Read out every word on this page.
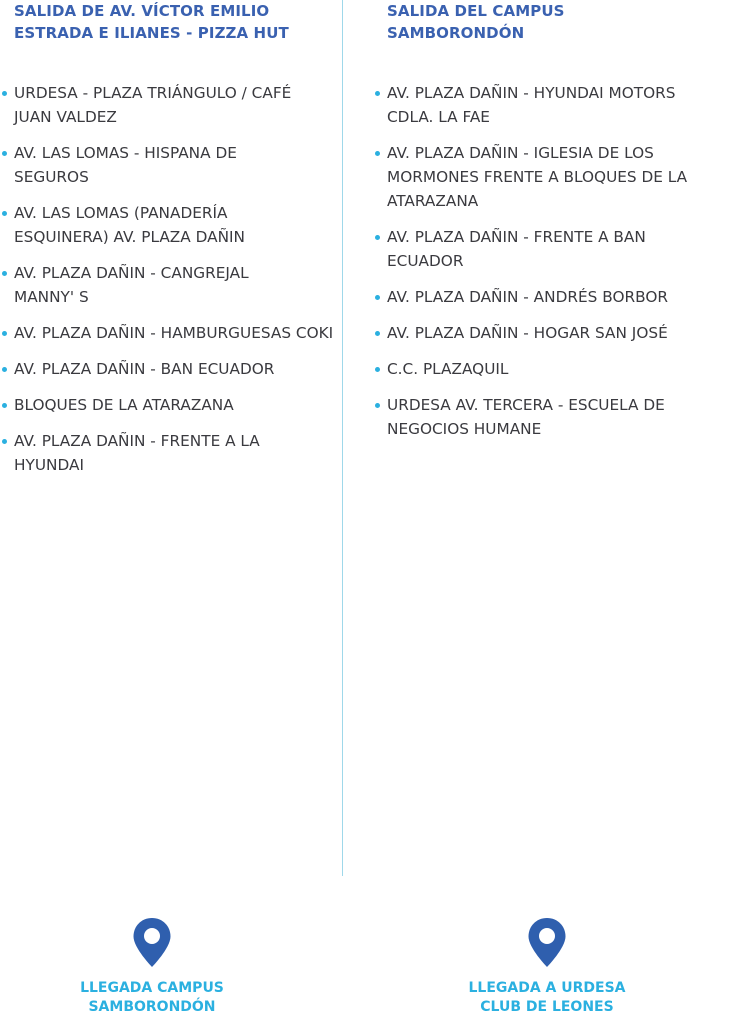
SALIDA DE AV. VÍCTOR EMILIO
ESTRADA E ILIANES - PIZZA HUT
URDESA - PLAZA TRIÁNGULO / CAFÉ JUAN VALDEZ
AV. LAS LOMAS - HISPANA DE SEGUROS
AV. LAS LOMAS (PANADERÍA ESQUINERA) AV. PLAZA DAÑIN
AV. PLAZA DAÑIN - CANGREJAL MANNY' S
AV. PLAZA DAÑIN - HAMBURGUESAS COKI
AV. PLAZA DAÑIN - BAN ECUADOR
BLOQUES DE LA ATARAZANA
AV. PLAZA DAÑIN - FRENTE A LA HYUNDAI
SALIDA DEL CAMPUS
SAMBORONDÓN
AV. PLAZA DAÑIN - HYUNDAI MOTORS CDLA. LA FAE
AV. PLAZA DAÑIN - IGLESIA DE LOS MORMONES FRENTE A BLOQUES DE LA ATARAZANA
AV. PLAZA DAÑIN - FRENTE A BAN ECUADOR
AV. PLAZA DAÑIN - ANDRÉS BORBOR
AV. PLAZA DAÑIN - HOGAR SAN JOSÉ
C.C. PLAZAQUIL
URDESA AV. TERCERA - ESCUELA DE NEGOCIOS HUMANE
LLEGADA CAMPUS
SAMBORONDÓN
LLEGADA A URDESA
CLUB DE LEONES
